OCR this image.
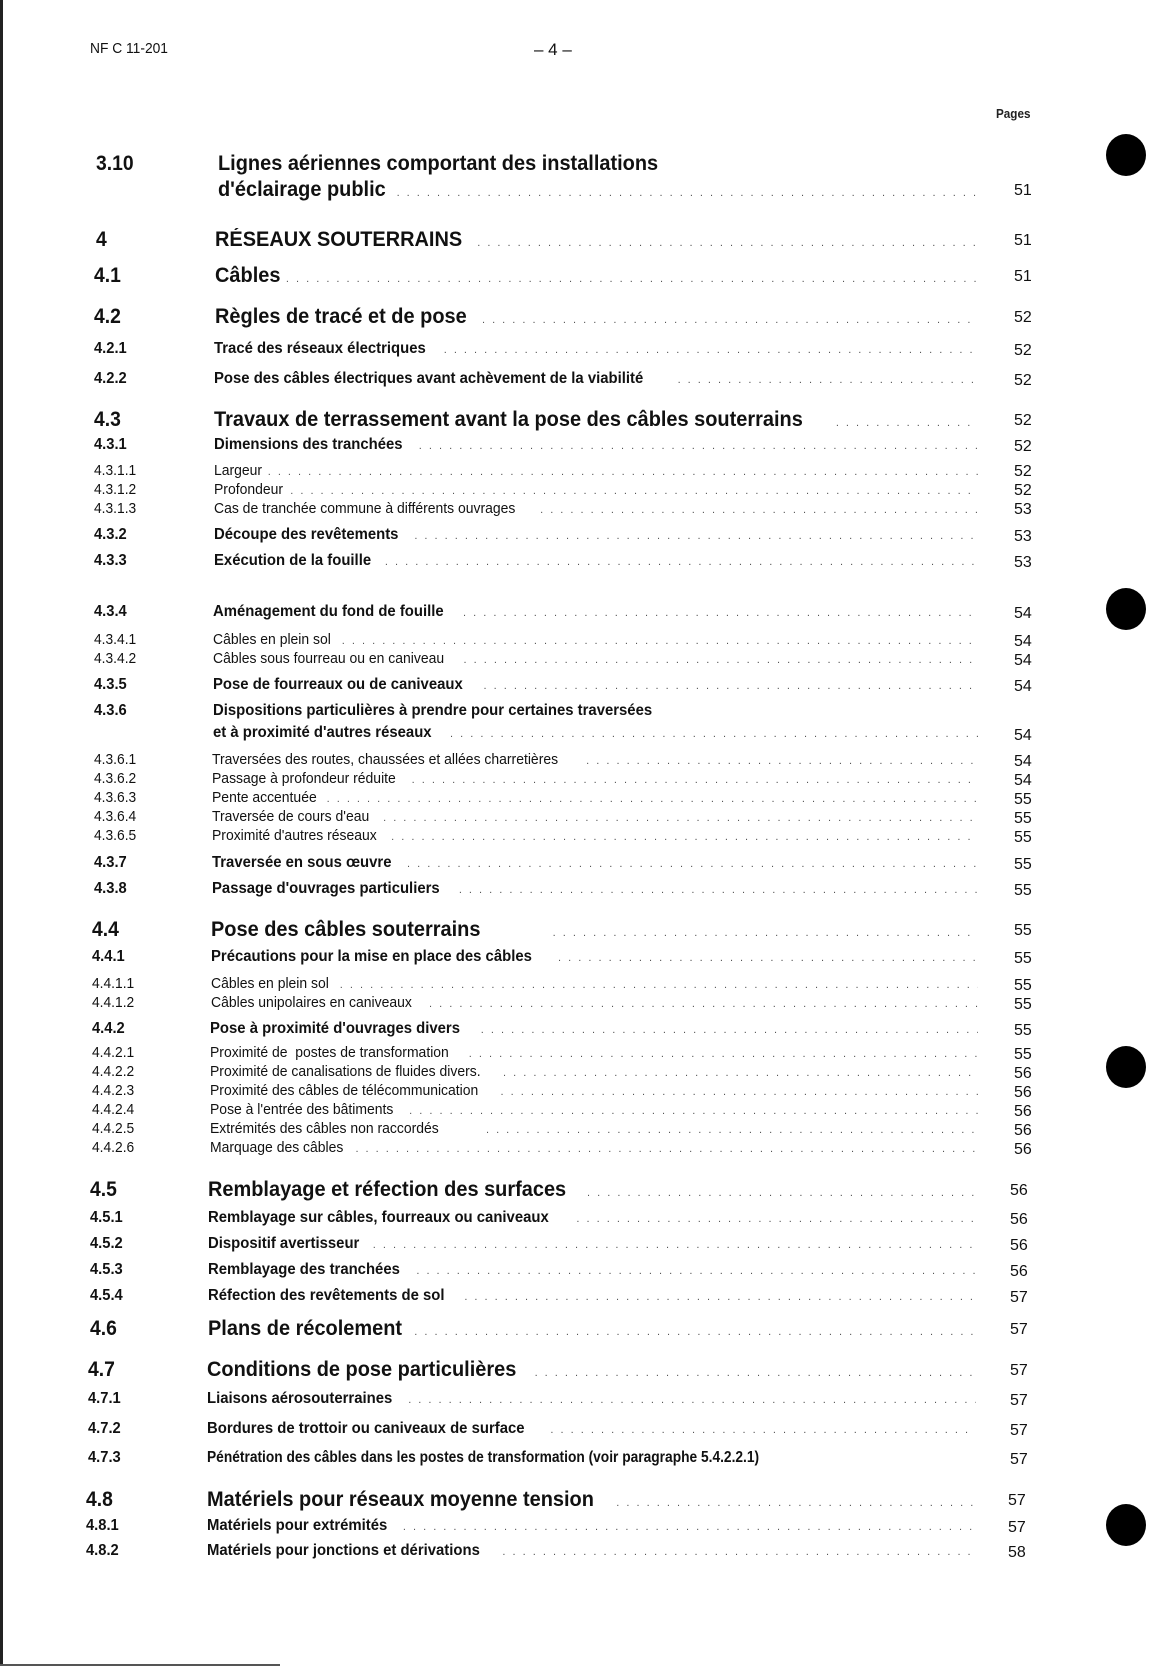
NF C 11-201	– 4 –
Pages
3.10	Lignes aériennes comportant des installations
d'éclairage public . . .	51
4	RÉSEAUX SOUTERRAINS . . .	51
4.1	Câbles . . .	51
4.2	Règles de tracé et de pose . . .	52
4.2.1	Tracé des réseaux électriques . . .	52
4.2.2	Pose des câbles électriques avant achèvement de la viabilité . . .	52
4.3	Travaux de terrassement avant la pose des câbles souterrains . . .	52
4.3.1	Dimensions des tranchées . . .	52
4.3.1.1	Largeur . . .	52
4.3.1.2	Profondeur . . .	52
4.3.1.3	Cas de tranchée commune à différents ouvrages . . .	53
4.3.2	Découpe des revêtements . . .	53
4.3.3	Exécution de la fouille . . .	53
4.3.4	Aménagement du fond de fouille . . .	54
4.3.4.1	Câbles en plein sol . . .	54
4.3.4.2	Câbles sous fourreau ou en caniveau . . .	54
4.3.5	Pose de fourreaux ou de caniveaux . . .	54
4.3.6	Dispositions particulières à prendre pour certaines traversées
et à proximité d'autres réseaux . . .	54
4.3.6.1	Traversées des routes, chaussées et allées charretières . . .	54
4.3.6.2	Passage à profondeur réduite . . .	54
4.3.6.3	Pente accentuée . . .	55
4.3.6.4	Traversée de cours d'eau . . .	55
4.3.6.5	Proximité d'autres réseaux . . .	55
4.3.7	Traversée en sous œuvre . . .	55
4.3.8	Passage d'ouvrages particuliers . . .	55
4.4	Pose des câbles souterrains . . .	55
4.4.1	Précautions pour la mise en place des câbles . . .	55
4.4.1.1	Câbles en plein sol . . .	55
4.4.1.2	Câbles unipolaires en caniveaux . . .	55
4.4.2	Pose à proximité d'ouvrages divers . . .	55
4.4.2.1	Proximité de  postes de transformation . . .	55
4.4.2.2	Proximité de canalisations de fluides divers. . . .	56
4.4.2.3	Proximité des câbles de télécommunication . . .	56
4.4.2.4	Pose à l'entrée des bâtiments . . .	56
4.4.2.5	Extrémités des câbles non raccordés . . .	56
4.4.2.6	Marquage des câbles . . .	56
4.5	Remblayage et réfection des surfaces . . .	56
4.5.1	Remblayage sur câbles, fourreaux ou caniveaux . . .	56
4.5.2	Dispositif avertisseur . . .	56
4.5.3	Remblayage des tranchées . . .	56
4.5.4	Réfection des revêtements de sol . . .	57
4.6	Plans de récolement . . .	57
4.7	Conditions de pose particulières . . .	57
4.7.1	Liaisons aérosouterraines . . .	57
4.7.2	Bordures de trottoir ou caniveaux de surface . . .	57
4.7.3	Pénétration des câbles dans les postes de transformation (voir paragraphe 5.4.2.2.1)	57
4.8	Matériels pour réseaux moyenne tension . . .	57
4.8.1	Matériels pour extrémités . . .	57
4.8.2	Matériels pour jonctions et dérivations . . .	58
